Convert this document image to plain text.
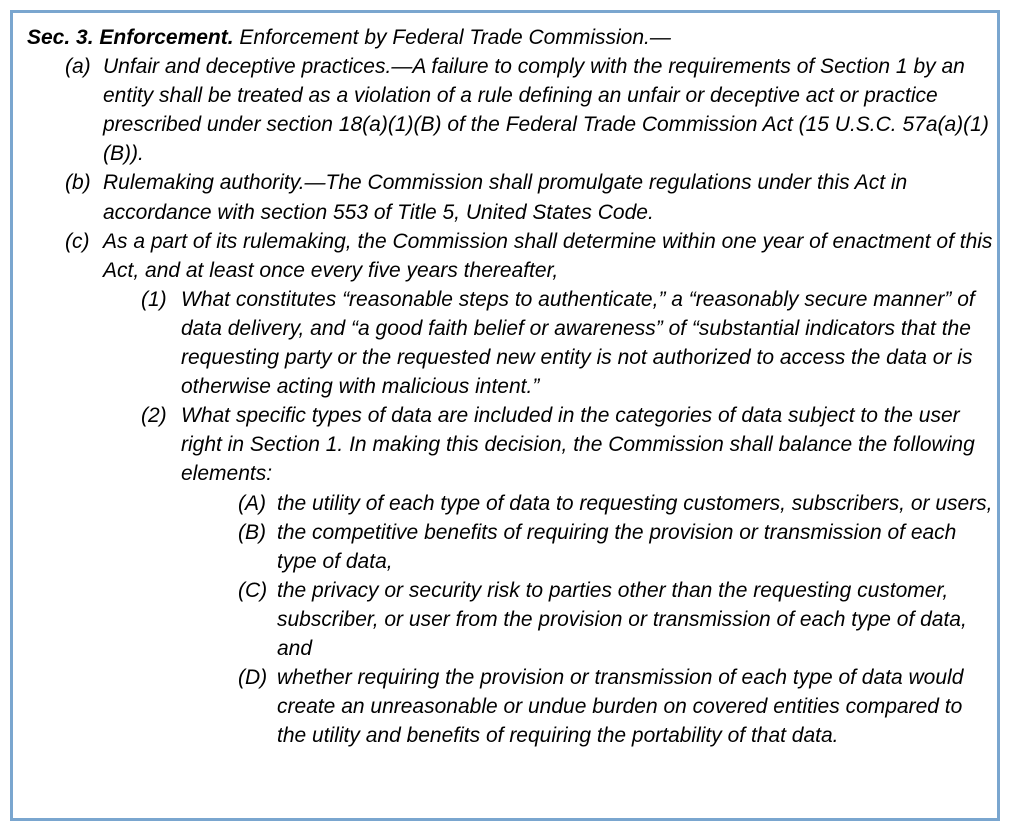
Sec. 3. Enforcement. Enforcement by Federal Trade Commission.—

(a) Unfair and deceptive practices.—A failure to comply with the requirements of Section 1 by an entity shall be treated as a violation of a rule defining an unfair or deceptive act or practice prescribed under section 18(a)(1)(B) of the Federal Trade Commission Act (15 U.S.C. 57a(a)(1)(B)).
(b) Rulemaking authority.—The Commission shall promulgate regulations under this Act in accordance with section 553 of Title 5, United States Code.
(c) As a part of its rulemaking, the Commission shall determine within one year of enactment of this Act, and at least once every five years thereafter,
(1) What constitutes “reasonable steps to authenticate,” a “reasonably secure manner” of data delivery, and “a good faith belief or awareness” of “substantial indicators that the requesting party or the requested new entity is not authorized to access the data or is otherwise acting with malicious intent.”
(2) What specific types of data are included in the categories of data subject to the user right in Section 1. In making this decision, the Commission shall balance the following elements:
(A) the utility of each type of data to requesting customers, subscribers, or users,
(B) the competitive benefits of requiring the provision or transmission of each type of data,
(C) the privacy or security risk to parties other than the requesting customer, subscriber, or user from the provision or transmission of each type of data, and
(D) whether requiring the provision or transmission of each type of data would create an unreasonable or undue burden on covered entities compared to the utility and benefits of requiring the portability of that data.
